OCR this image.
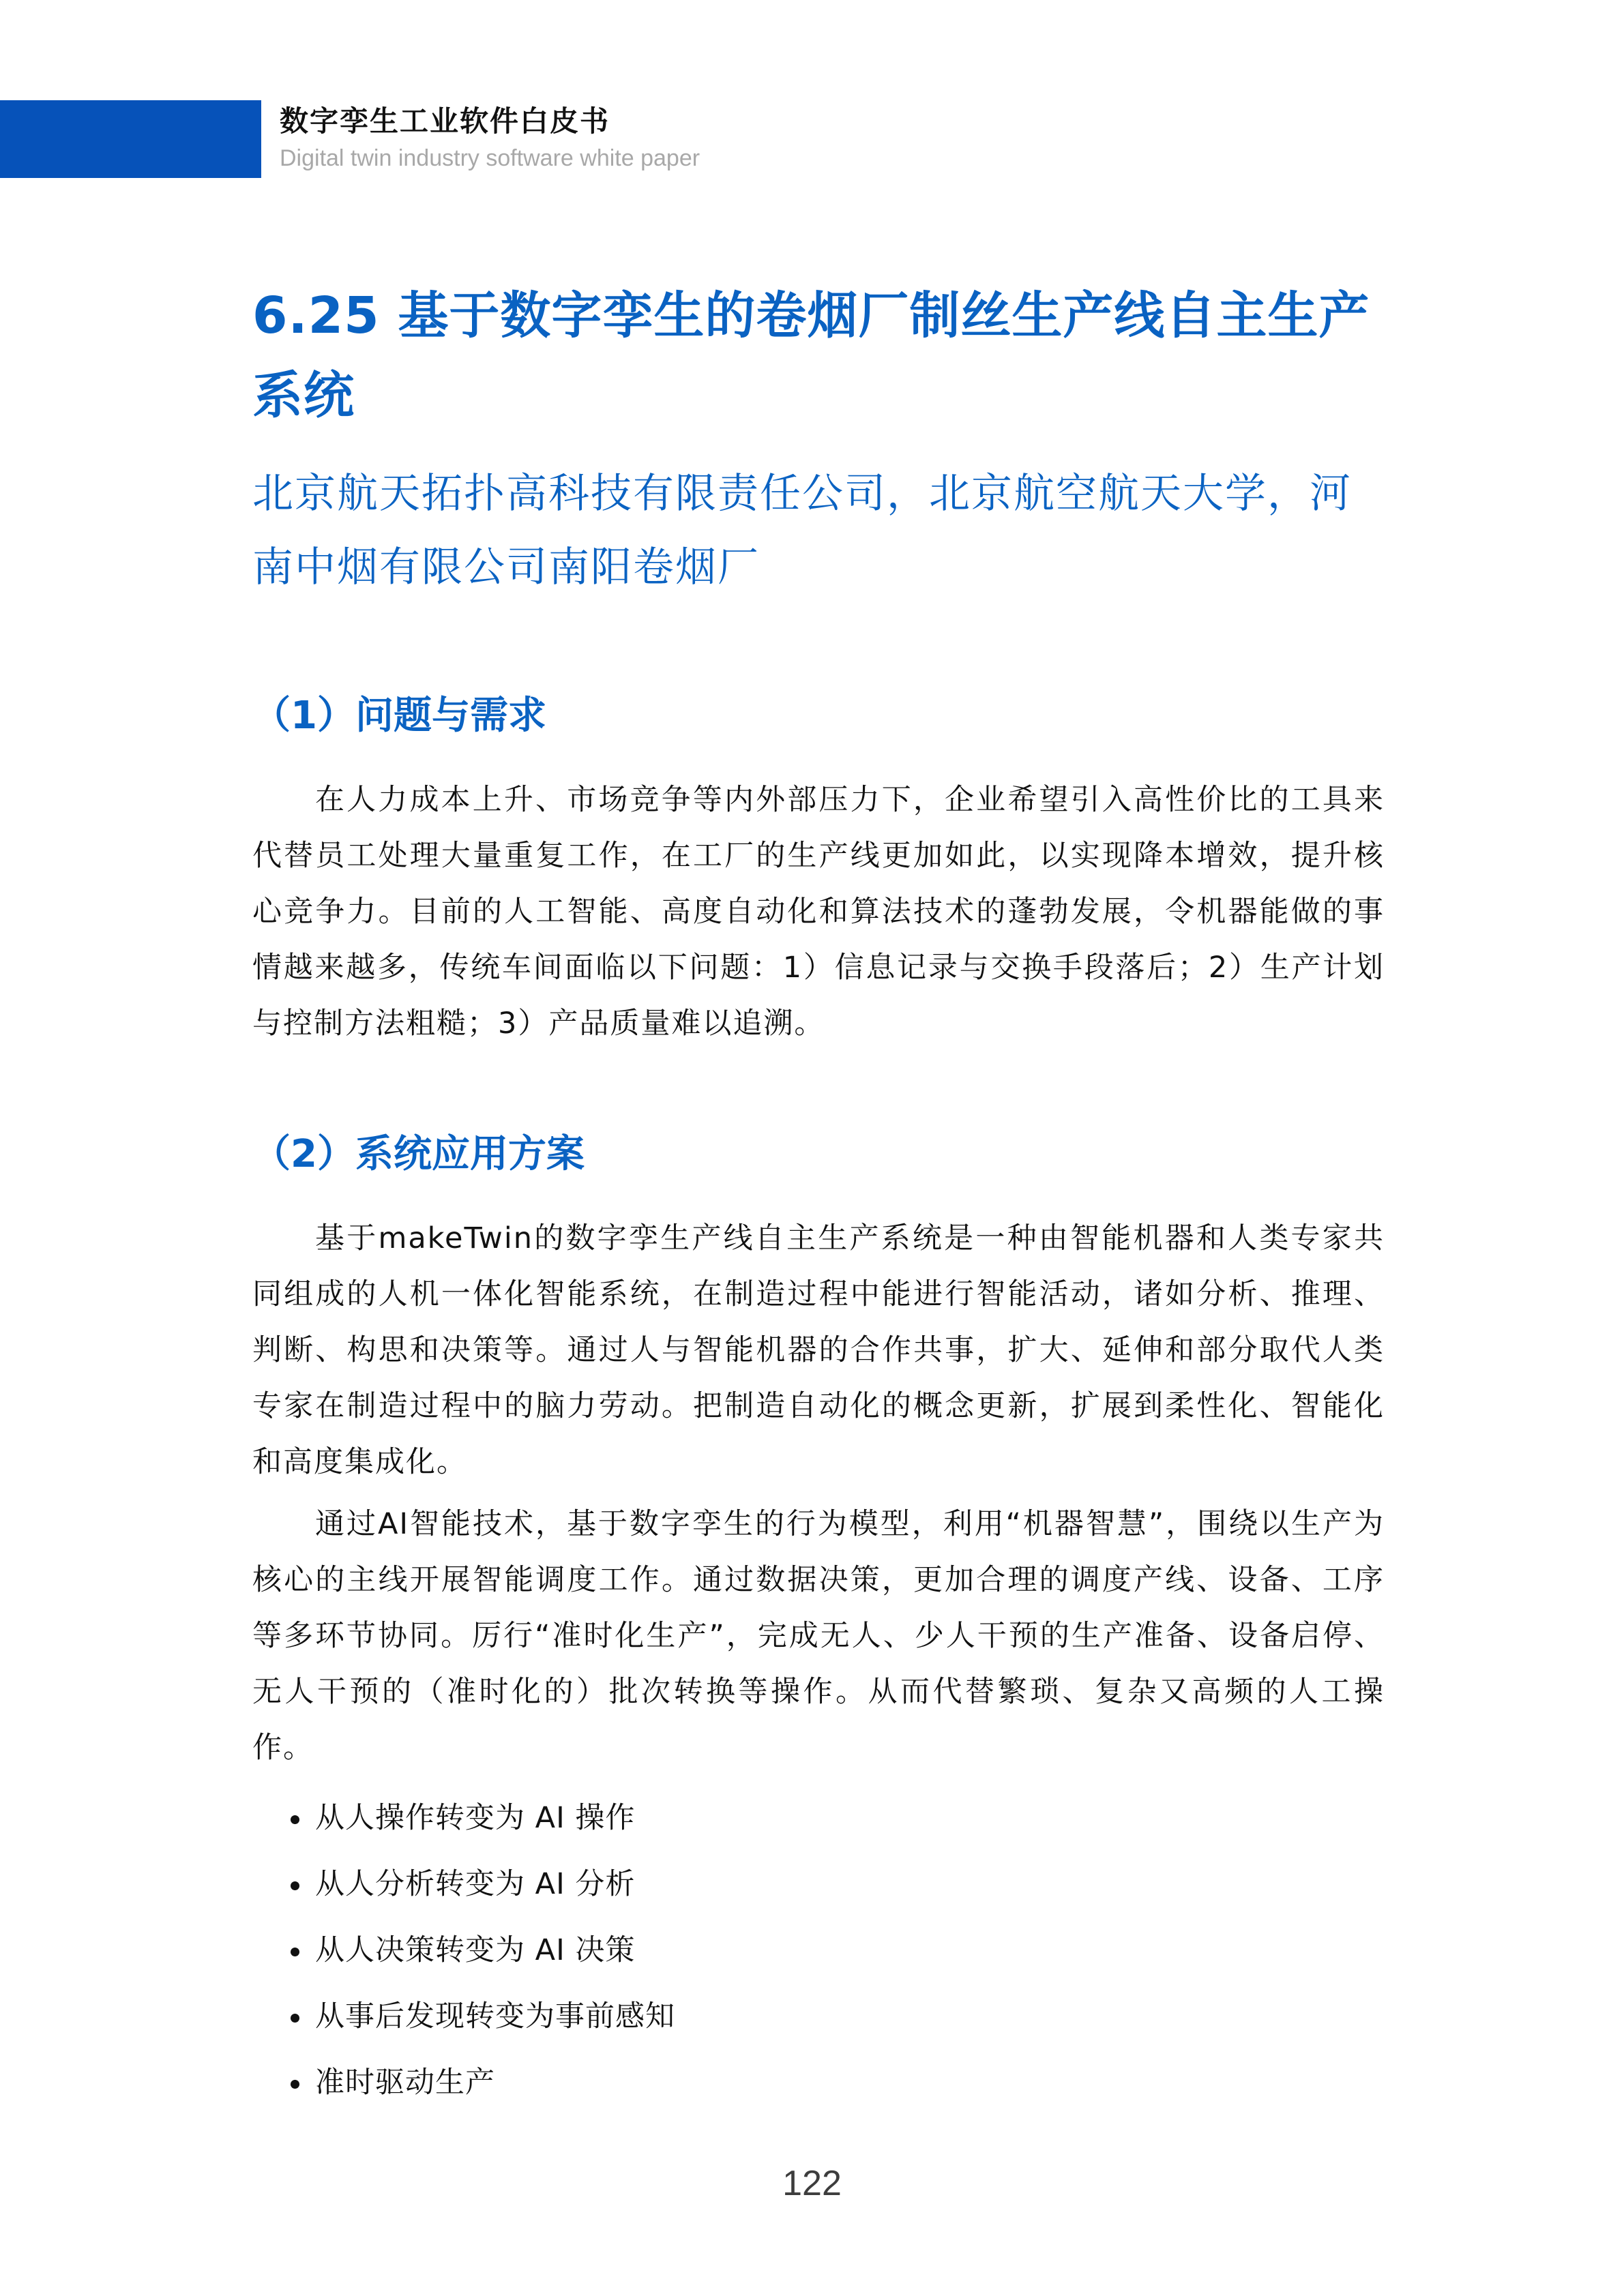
数字孪生工业软件白皮书
Digital twin industry software white paper
6.25 基于数字孪生的卷烟厂制丝生产线自主生产系统
北京航天拓扑高科技有限责任公司，北京航空航天大学，河南中烟有限公司南阳卷烟厂
（1）问题与需求

在人力成本上升、市场竞争等内外部压力下，企业希望引入高性价比的工具来代替员工处理大量重复工作，在工厂的生产线更加如此，以实现降本增效，提升核心竞争力。目前的人工智能、高度自动化和算法技术的蓬勃发展，令机器能做的事情越来越多，传统车间面临以下问题：1）信息记录与交换手段落后；2）生产计划与控制方法粗糙；3）产品质量难以追溯。

（2）系统应用方案

基于makeTwin的数字孪生产线自主生产系统是一种由智能机器和人类专家共同组成的人机一体化智能系统，在制造过程中能进行智能活动，诸如分析、推理、判断、构思和决策等。通过人与智能机器的合作共事，扩大、延伸和部分取代人类专家在制造过程中的脑力劳动。把制造自动化的概念更新，扩展到柔性化、智能化和高度集成化。

通过AI智能技术，基于数字孪生的行为模型，利用“机器智慧”，围绕以生产为核心的主线开展智能调度工作。通过数据决策，更加合理的调度产线、设备、工序等多环节协同。厉行“准时化生产”，完成无人、少人干预的生产准备、设备启停、无人干预的（准时化的）批次转换等操作。从而代替繁琐、复杂又高频的人工操作。

从人操作转变为 AI 操作
从人分析转变为 AI 分析
从人决策转变为 AI 决策
从事后发现转变为事前感知
准时驱动生产
122
